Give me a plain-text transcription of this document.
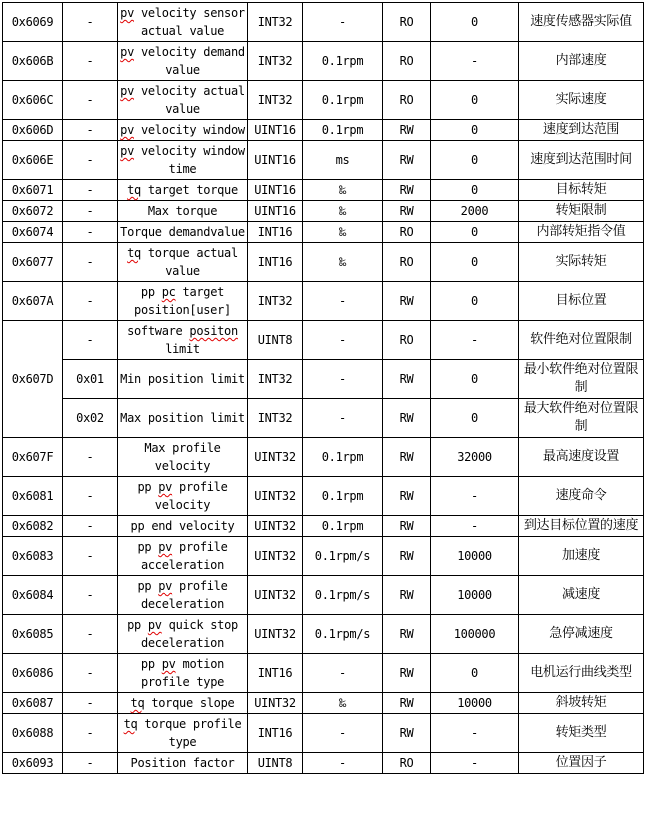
0x6069	-	pv velocity sensor actual value	INT32	-	RO	0	速度传感器实际值
0x606B	-	pv velocity demand value	INT32	0.1rpm	RO	-	内部速度
0x606C	-	pv velocity actual value	INT32	0.1rpm	RO	0	实际速度
0x606D	-	pv velocity window	UINT16	0.1rpm	RW	0	速度到达范围
0x606E	-	pv velocity window time	UINT16	ms	RW	0	速度到达范围时间
0x6071	-	tq target torque	UINT16	‰	RW	0	目标转矩
0x6072	-	Max torque	UINT16	‰	RW	2000	转矩限制
0x6074	-	Torque demandvalue	INT16	‰	RO	0	内部转矩指令值
0x6077	-	tq torque actual value	INT16	‰	RO	0	实际转矩
0x607A	-	pp pc target position[user]	INT32	-	RW	0	目标位置
0x607D	-	software positon limit	UINT8	-	RO	-	软件绝对位置限制
	0x01	Min position limit	INT32	-	RW	0	最小软件绝对位置限制
	0x02	Max position limit	INT32	-	RW	0	最大软件绝对位置限制
0x607F	-	Max profile velocity	UINT32	0.1rpm	RW	32000	最高速度设置
0x6081	-	pp pv profile velocity	UINT32	0.1rpm	RW	-	速度命令
0x6082	-	pp end velocity	UINT32	0.1rpm	RW	-	到达目标位置的速度
0x6083	-	pp pv profile acceleration	UINT32	0.1rpm/s	RW	10000	加速度
0x6084	-	pp pv profile deceleration	UINT32	0.1rpm/s	RW	10000	减速度
0x6085	-	pp pv quick stop deceleration	UINT32	0.1rpm/s	RW	100000	急停减速度
0x6086	-	pp pv motion profile type	INT16	-	RW	0	电机运行曲线类型
0x6087	-	tq torque slope	UINT32	‰	RW	10000	斜坡转矩
0x6088	-	tq torque profile type	INT16	-	RW	-	转矩类型
0x6093	-	Position factor	UINT8	-	RO	-	位置因子
